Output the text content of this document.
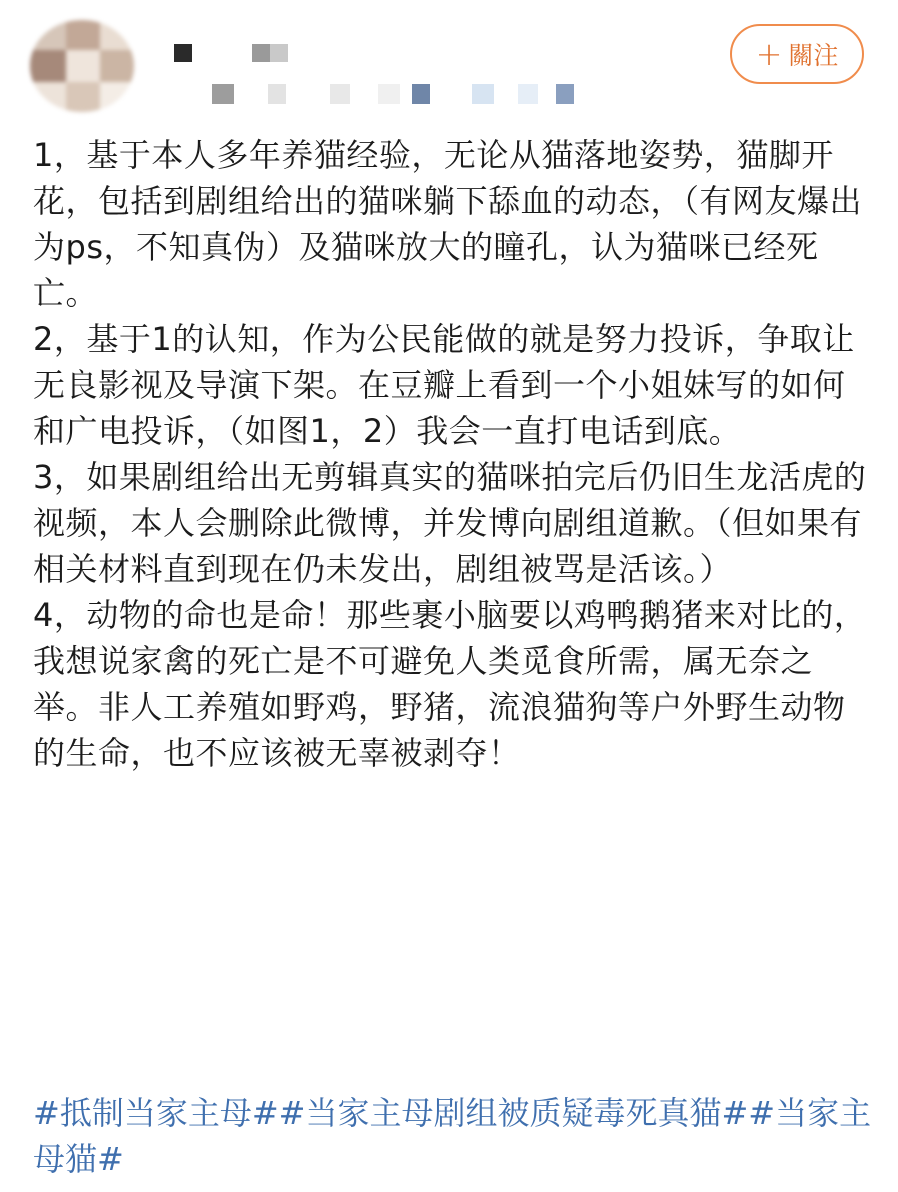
+ 關注

1，基于本人多年养猫经验，无论从猫落地姿势，猫脚开花，包括到剧组给出的猫咪躺下舔血的动态，（有网友爆出为ps，不知真伪）及猫咪放大的瞳孔，认为猫咪已经死亡。

2，基于1的认知，作为公民能做的就是努力投诉，争取让无良影视及导演下架。在豆瓣上看到一个小姐妹写的如何和广电投诉，（如图1，2）我会一直打电话到底。

3，如果剧组给出无剪辑真实的猫咪拍完后仍旧生龙活虎的视频，本人会删除此微博，并发博向剧组道歉。（但如果有相关材料直到现在仍未发出，剧组被骂是活该。）

4，动物的命也是命！那些裹小脑要以鸡鸭鹅猪来对比的，我想说家禽的死亡是不可避免人类觅食所需，属无奈之举。非人工养殖如野鸡，野猪，流浪猫狗等户外野生动物的生命，也不应该被无辜被剥夺！

#抵制当家主母##当家主母剧组被质疑毒死真猫##当家主母猫#
